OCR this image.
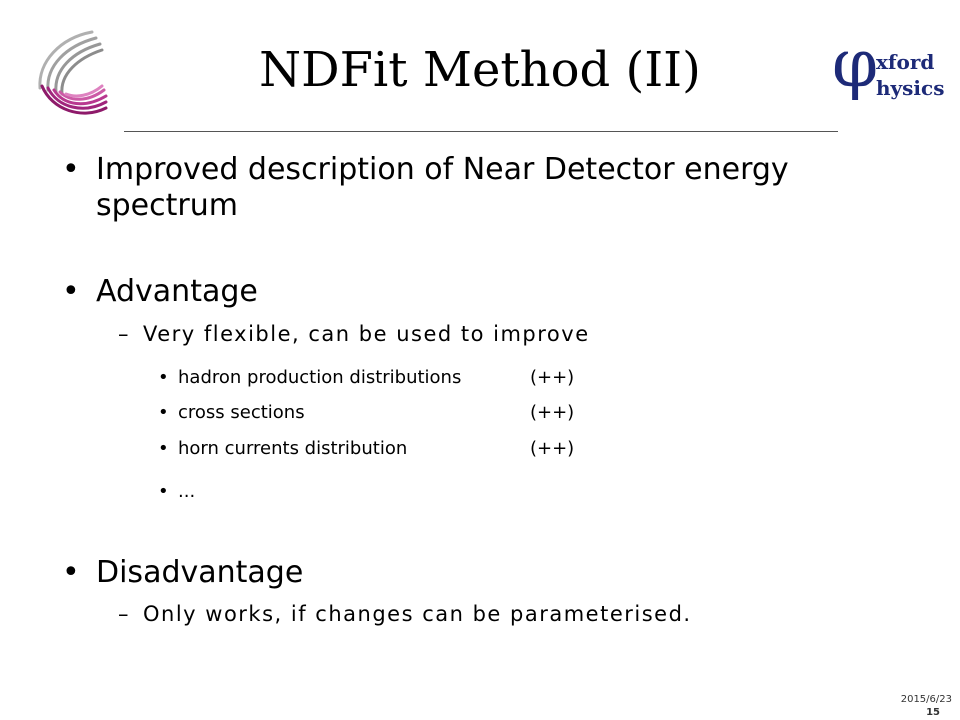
NDFit Method (II)	φ
xford
hysics
• Improved description of Near Detector energy spectrum
• Advantage
– Very flexible, can be used to improve
• hadron production distributions	(++)
• cross sections	(++)
• horn currents distribution	(++)
• ...
• Disadvantage
– Only works, if changes can be parameterised.
2015/6/23
15
